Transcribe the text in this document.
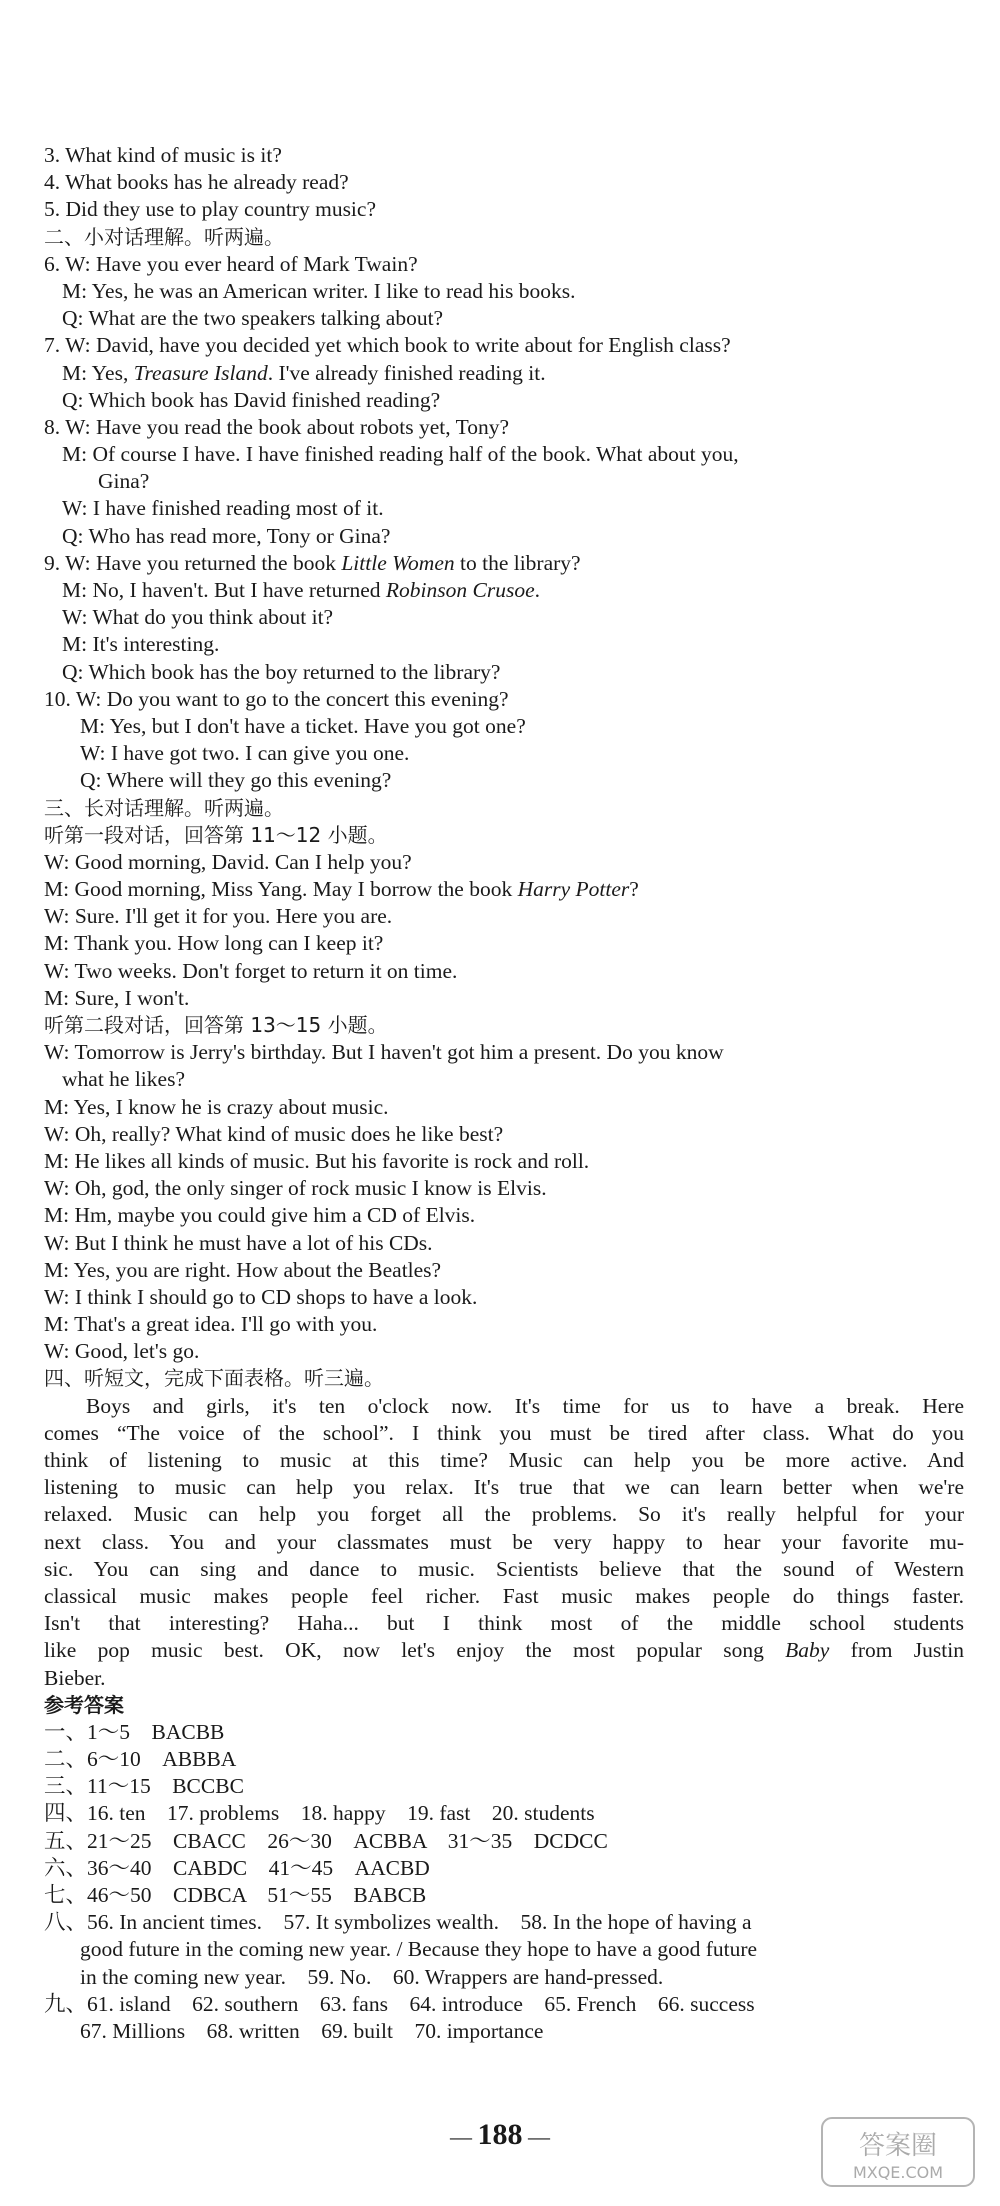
3. What kind of music is it?
4. What books has he already read?
5. Did they use to play country music?
二、小对话理解。听两遍。
6. W: Have you ever heard of Mark Twain?
M: Yes, he was an American writer. I like to read his books.
Q: What are the two speakers talking about?
7. W: David, have you decided yet which book to write about for English class?
M: Yes, Treasure Island. I've already finished reading it.
Q: Which book has David finished reading?
8. W: Have you read the book about robots yet, Tony?
M: Of course I have. I have finished reading half of the book. What about you,
Gina?
W: I have finished reading most of it.
Q: Who has read more, Tony or Gina?
9. W: Have you returned the book Little Women to the library?
M: No, I haven't. But I have returned Robinson Crusoe.
W: What do you think about it?
M: It's interesting.
Q: Which book has the boy returned to the library?
10. W: Do you want to go to the concert this evening?
M: Yes, but I don't have a ticket. Have you got one?
W: I have got two. I can give you one.
Q: Where will they go this evening?
三、长对话理解。听两遍。
听第一段对话，回答第 11～12 小题。
W: Good morning, David. Can I help you?
M: Good morning, Miss Yang. May I borrow the book Harry Potter?
W: Sure. I'll get it for you. Here you are.
M: Thank you. How long can I keep it?
W: Two weeks. Don't forget to return it on time.
M: Sure, I won't.
听第二段对话，回答第 13～15 小题。
W: Tomorrow is Jerry's birthday. But I haven't got him a present. Do you know
what he likes?
M: Yes, I know he is crazy about music.
W: Oh, really? What kind of music does he like best?
M: He likes all kinds of music. But his favorite is rock and roll.
W: Oh, god, the only singer of rock music I know is Elvis.
M: Hm, maybe you could give him a CD of Elvis.
W: But I think he must have a lot of his CDs.
M: Yes, you are right. How about the Beatles?
W: I think I should go to CD shops to have a look.
M: That's a great idea. I'll go with you.
W: Good, let's go.
四、听短文，完成下面表格。听三遍。
Boys and girls, it's ten o'clock now. It's time for us to have a break. Here
comes “The voice of the school”. I think you must be tired after class. What do you
think of listening to music at this time? Music can help you be more active. And
listening to music can help you relax. It's true that we can learn better when we're
relaxed. Music can help you forget all the problems. So it's really helpful for your
next class. You and your classmates must be very happy to hear your favorite mu-
sic. You can sing and dance to music. Scientists believe that the sound of Western
classical music makes people feel richer. Fast music makes people do things faster.
Isn't that interesting? Haha... but I think most of the middle school students
like pop music best. OK, now let's enjoy the most popular song Baby from Justin
Bieber.
参考答案
一、1～5　BACBB
二、6～10　ABBBA
三、11～15　BCCBC
四、16. ten　17. problems　18. happy　19. fast　20. students
五、21～25　CBACC　26～30　ACBBA　31～35　DCDCC
六、36～40　CABDC　41～45　AACBD
七、46～50　CDBCA　51～55　BABCB
八、56. In ancient times.　57. It symbolizes wealth.　58. In the hope of having a
good future in the coming new year. / Because they hope to have a good future
in the coming new year.　59. No.　60. Wrappers are hand-pressed.
九、61. island　62. southern　63. fans　64. introduce　65. French　66. success
67. Millions　68. written　69. built　70. importance
— 188 —	答案圈
MXQE.COM
